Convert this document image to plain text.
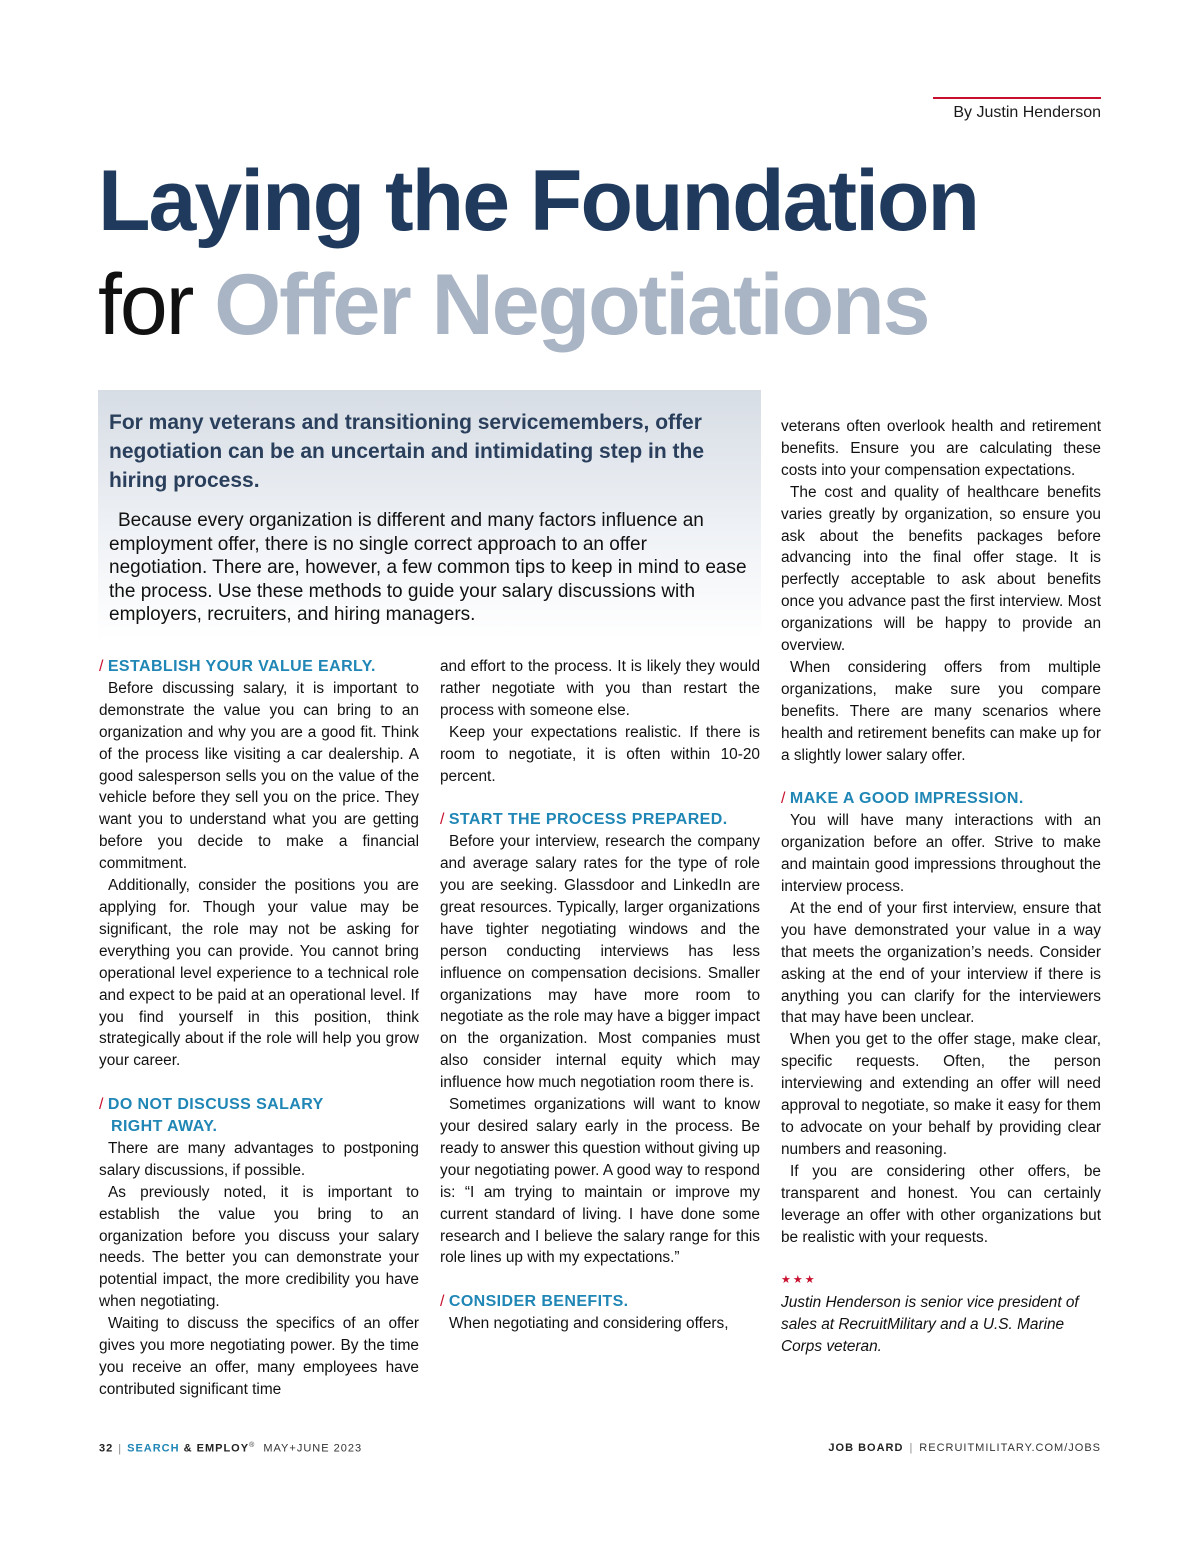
By Justin Henderson
Laying the Foundation
for Offer Negotiations

For many veterans and transitioning servicemembers, offer negotiation can be an uncertain and intimidating step in the hiring process.

Because every organization is different and many factors influence an employment offer, there is no single correct approach to an offer negotiation. There are, however, a few common tips to keep in mind to ease the process. Use these methods to guide your salary discussions with employers, recruiters, and hiring managers.

/ ESTABLISH YOUR VALUE EARLY.

Before discussing salary, it is important to demonstrate the value you can bring to an organization and why you are a good fit. Think of the process like visiting a car dealership. A good salesperson sells you on the value of the vehicle before they sell you on the price. They want you to understand what you are getting before you decide to make a financial commitment.

Additionally, consider the positions you are applying for. Though your value may be significant, the role may not be asking for everything you can provide. You cannot bring operational level experience to a technical role and expect to be paid at an operational level. If you find yourself in this position, think strategically about if the role will help you grow your career.

/ DO NOT DISCUSS SALARY
RIGHT AWAY.

There are many advantages to postponing salary discussions, if possible.

As previously noted, it is important to establish the value you bring to an organization before you discuss your salary needs. The better you can demonstrate your potential impact, the more credibility you have when negotiating.

Waiting to discuss the specifics of an offer gives you more negotiating power. By the time you receive an offer, many employees have contributed significant time

and effort to the process. It is likely they would rather negotiate with you than restart the process with someone else.

Keep your expectations realistic. If there is room to negotiate, it is often within 10-20 percent.

/ START THE PROCESS PREPARED.

Before your interview, research the company and average salary rates for the type of role you are seeking. Glassdoor and LinkedIn are great resources. Typically, larger organizations have tighter negotiating windows and the person conducting interviews has less influence on compensation decisions. Smaller organizations may have more room to negotiate as the role may have a bigger impact on the organization. Most companies must also consider internal equity which may influence how much negotiation room there is.

Sometimes organizations will want to know your desired salary early in the process. Be ready to answer this question without giving up your negotiating power. A good way to respond is: “I am trying to maintain or improve my current standard of living. I have done some research and I believe the salary range for this role lines up with my expectations.”

/ CONSIDER BENEFITS.

When negotiating and considering offers,

veterans often overlook health and retirement benefits. Ensure you are calculating these costs into your compensation expectations.

The cost and quality of healthcare benefits varies greatly by organization, so ensure you ask about the benefits packages before advancing into the final offer stage. It is perfectly acceptable to ask about benefits once you advance past the first interview. Most organizations will be happy to provide an overview.

When considering offers from multiple organizations, make sure you compare benefits. There are many scenarios where health and retirement benefits can make up for a slightly lower salary offer.

/ MAKE A GOOD IMPRESSION.

You will have many interactions with an organization before an offer. Strive to make and maintain good impressions throughout the interview process.

At the end of your first interview, ensure that you have demonstrated your value in a way that meets the organization’s needs. Consider asking at the end of your interview if there is anything you can clarify for the interviewers that may have been unclear.

When you get to the offer stage, make clear, specific requests. Often, the person interviewing and extending an offer will need approval to negotiate, so make it easy for them to advocate on your behalf by providing clear numbers and reasoning.

If you are considering other offers, be transparent and honest. You can certainly leverage an offer with other organizations but be realistic with your requests.

★★★

Justin Henderson is senior vice president of sales at RecruitMilitary and a U.S. Marine Corps veteran.

32 | SEARCH & EMPLOY® MAY+JUNE 2023	JOB BOARD | RECRUITMILITARY.COM/JOBS
